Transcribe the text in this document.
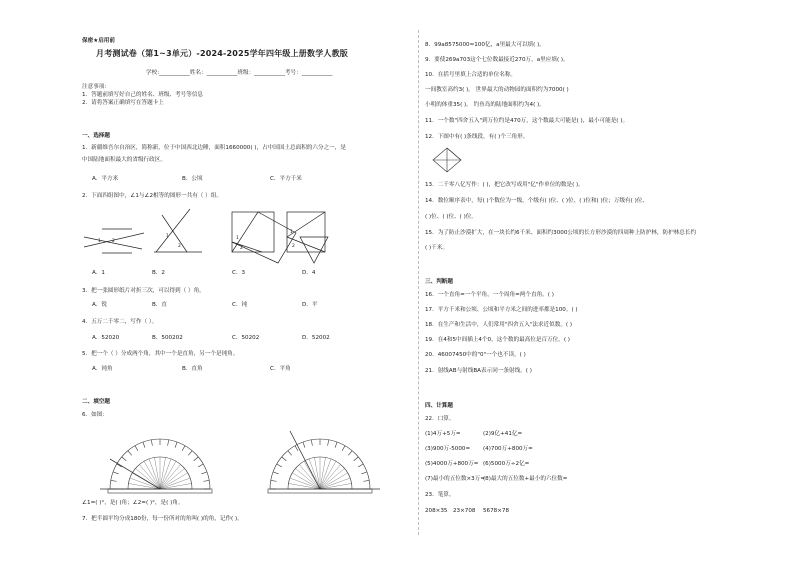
保密★启用前
月考测试卷（第1~3单元）-2024-2025学年四年级上册数学人教版
学校:___________姓名：___________班级：___________考号：___________
注意事项：
1．答题前填写好自己的姓名、班级、考号等信息
2．请将答案正确填写在答题卡上
一、选择题
1．新疆维吾尔自治区，简称新，位于中国西北边陲，面积1660000( )，占中国国土总面积的六分之一，是
中国陆地面积最大的省级行政区。
A．平方米	B．公顷	C．平方千米
2．下面四组图中，∠1与∠2相等的图形一共有（ ）组。
1 2
1
2
1
2
1
2
A．1	B．2	C．3	D．4
3．把一张圆形纸片对折三次，可以得到（ ）角。
A．锐	B．直	C．钝	D．平
4．五万二千零二，写作（ ）。
A．52020	B．500202	C．50202	D．52002
5．把一个（ ）分成两个角，其中一个是直角，另一个是钝角。
A．钝角	B．直角	C．平角
二、填空题
6．如图：
∠1=( )°，是( )角；∠2=( )°，是( )角。
7．把半圆平均分成180份，每一份所对的角叫( )的角，记作( )。
8．99a8575000≈100亿，a里最大可以填( )。
9．要使269a703这个七位数最接近270万，a里应填( )。
10．在括号里填上合适的单位名称。
一间教室高约3( )。 世界最大的动物园的面积约为7000( )
小明的体重35( )。 钓鱼岛的陆地面积约为4( )。
11．一个数"四舍五入"到万位约是470万，这个数最大可能是( )，最小可能是( )。
12．下图中有( )条线段，有( )个三角形。
13．二千零八亿写作：( )，把它改写成用"亿"作单位的数是( )。
14．数位顺序表中，每( )个数位为一级，个级有( )位、( )位、( )位和( )位；万级有( )位、
( )位、( )位、( )位。
15．为了防止沙漠扩大，在一块长约6千米、面积约3000公顷的长方形沙漠的四周种上防护林，防护林总长约
( )千米。
三、判断题
16．一个直角=一个平角，一个周角=两个直角。( )
17．平方千米和公顷、公顷和平方米之间的进率都是100。( )
18．在生产和生活中，人们常用"四舍五入"法求近似数。( )
19．在4和5中间插上4个0，这个数的最高位是百万位。( )
20．46007450中的"0"一个也不读。( )
21．射线AB与射线BA表示同一条射线。( )
四、计算题
22．口算。
(1)4万+5万=	(2)9亿+41亿=
(3)900万-5000= (4)700万+800万=
(5)4000万+800万= (6)5000万÷2亿=
(7)最小的五位数×3万=
(8)最大的五位数+最小的六位数=
23．笔算。
208×35 23×708 5678×78
